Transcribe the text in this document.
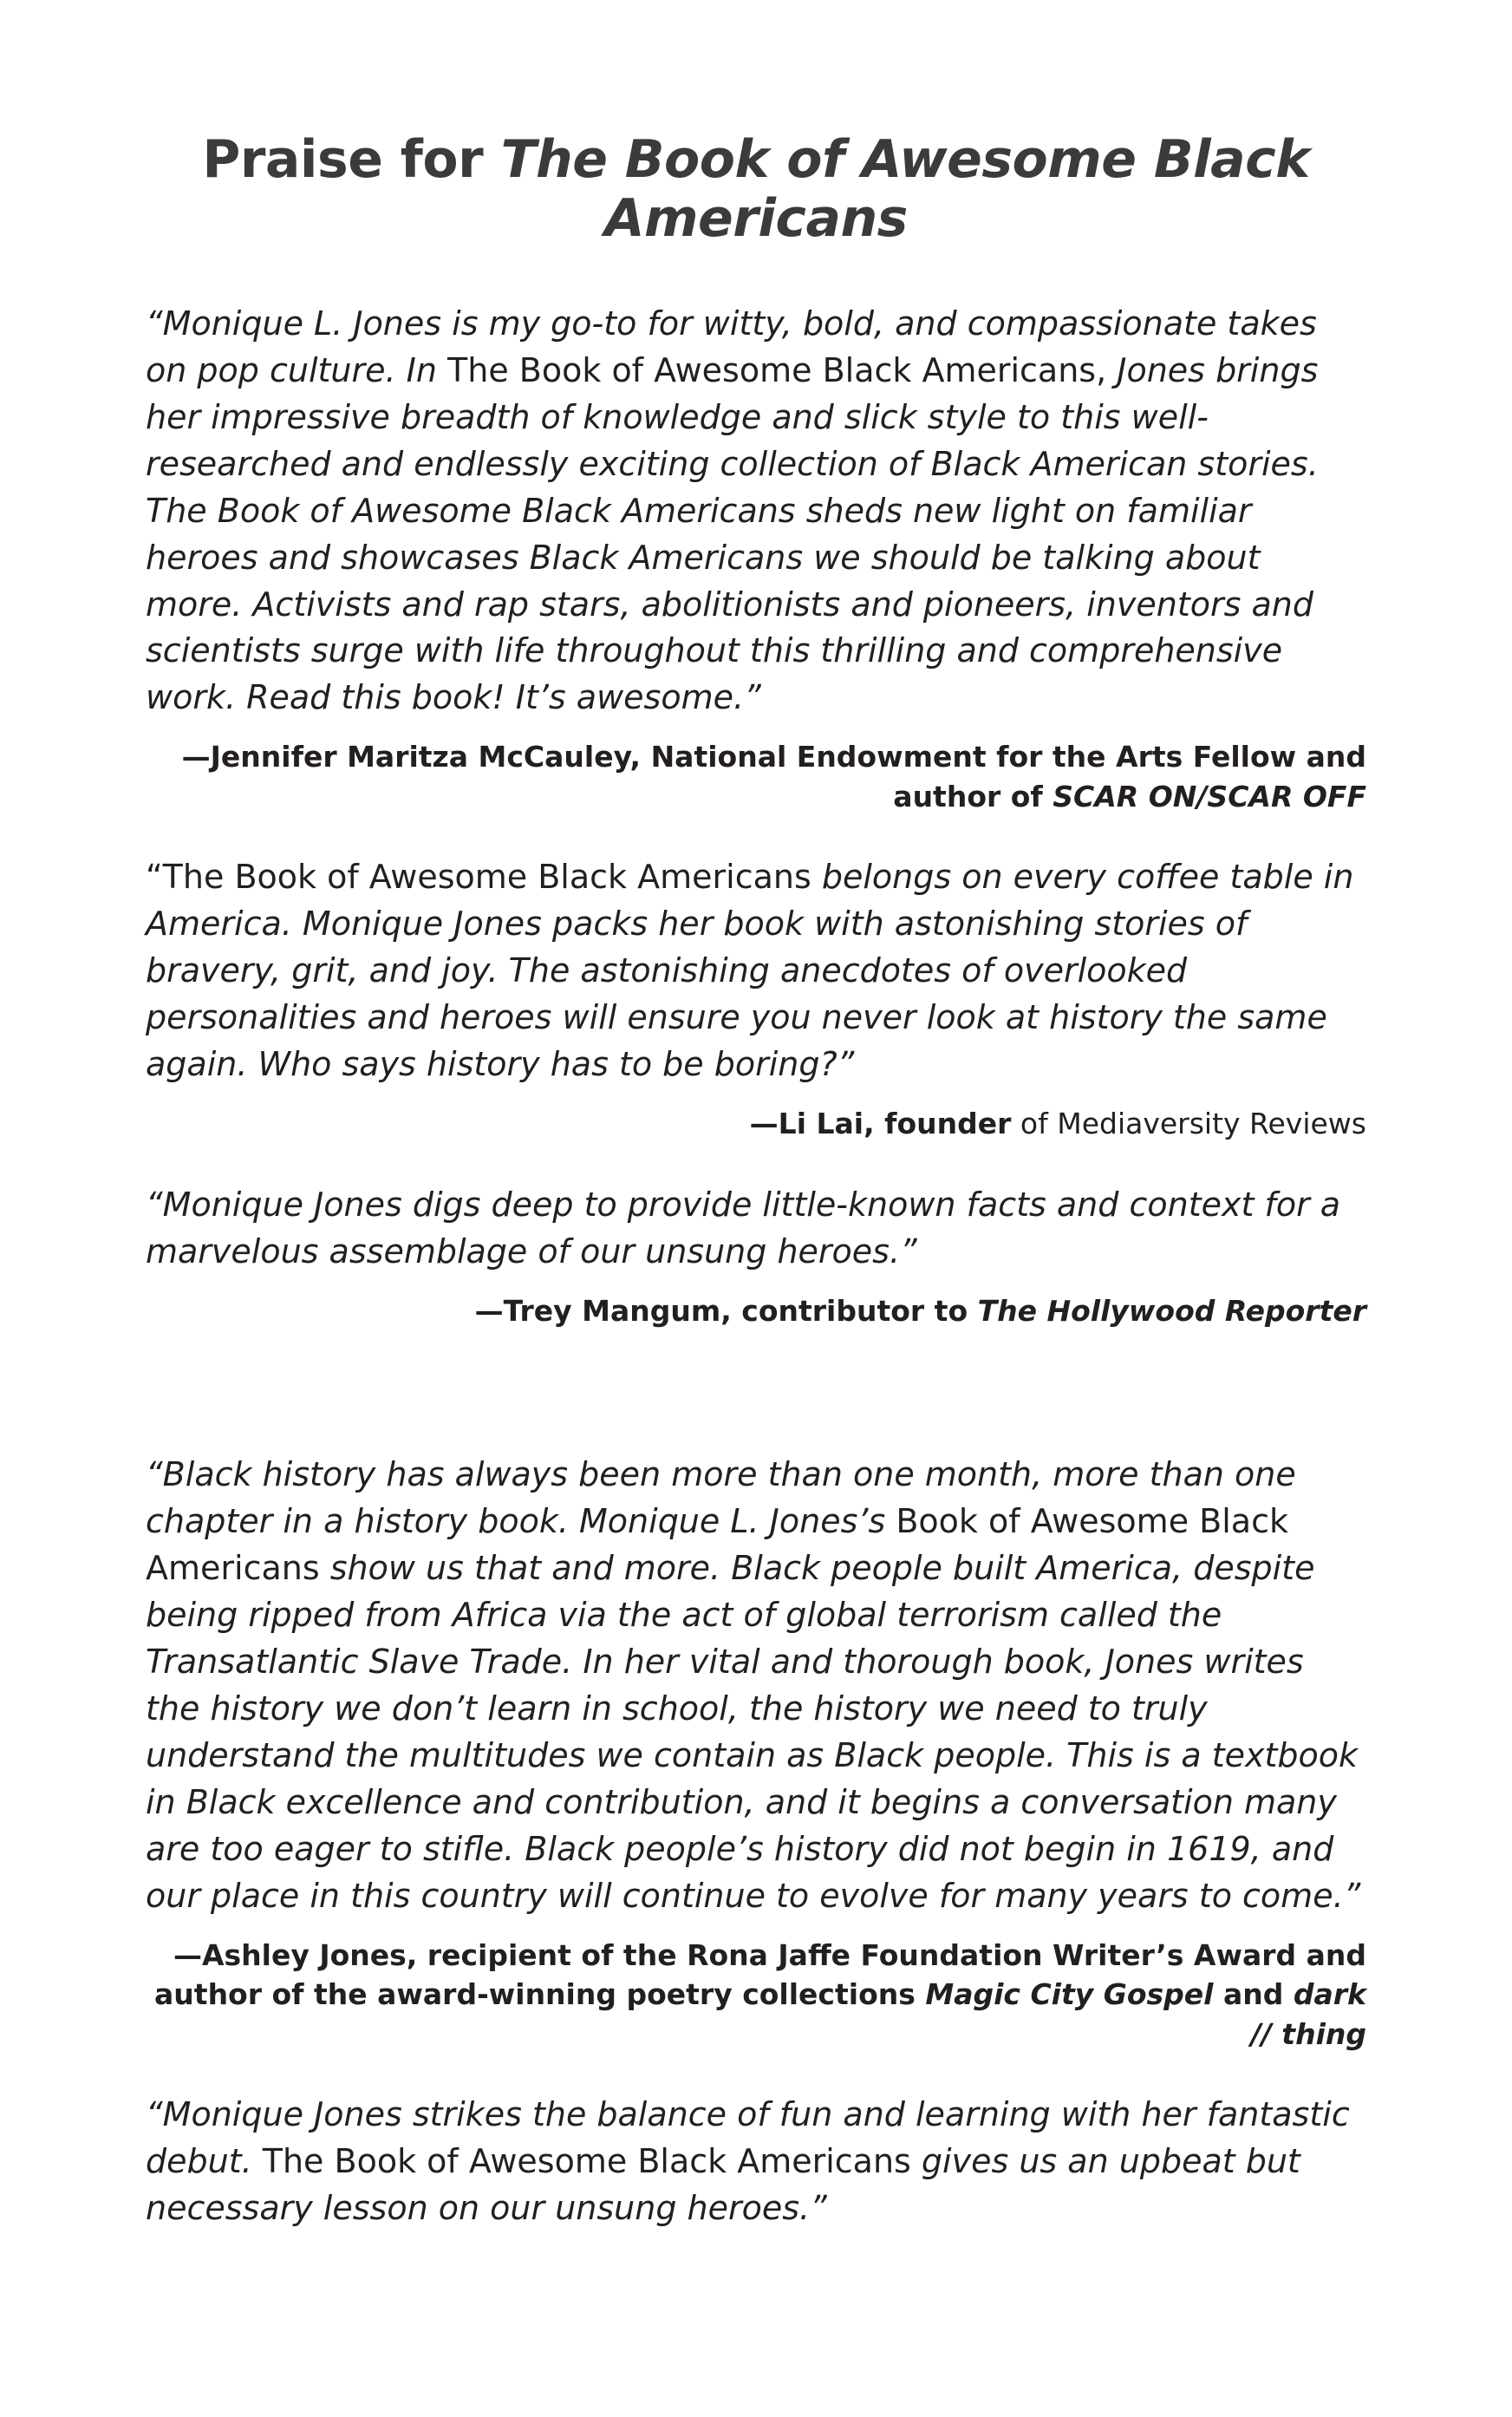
Praise for The Book of Awesome Black Americans

“Monique L. Jones is my go-to for witty, bold, and compassionate takes on pop culture. In The Book of Awesome Black Americans, Jones brings her impressive breadth of knowledge and slick style to this well-researched and endlessly exciting collection of Black American stories. The Book of Awesome Black Americans sheds new light on familiar heroes and showcases Black Americans we should be talking about more. Activists and rap stars, abolitionists and pioneers, inventors and scientists surge with life throughout this thrilling and comprehensive work. Read this book! It’s awesome.”

—Jennifer Maritza McCauley, National Endowment for the Arts Fellow and author of SCAR ON/SCAR OFF

“The Book of Awesome Black Americans belongs on every coffee table in America. Monique Jones packs her book with astonishing stories of bravery, grit, and joy. The astonishing anecdotes of overlooked personalities and heroes will ensure you never look at history the same again. Who says history has to be boring?”

—Li Lai, founder of Mediaversity Reviews

“Monique Jones digs deep to provide little-known facts and context for a marvelous assemblage of our unsung heroes.”

—Trey Mangum, contributor to The Hollywood Reporter

“Black history has always been more than one month, more than one chapter in a history book. Monique L. Jones’s Book of Awesome Black Americans show us that and more. Black people built America, despite being ripped from Africa via the act of global terrorism called the Transatlantic Slave Trade. In her vital and thorough book, Jones writes the history we don’t learn in school, the history we need to truly understand the multitudes we contain as Black people. This is a textbook in Black excellence and contribution, and it begins a conversation many are too eager to stifle. Black people’s history did not begin in 1619, and our place in this country will continue to evolve for many years to come.”

—Ashley Jones, recipient of the Rona Jaffe Foundation Writer’s Award and author of the award-winning poetry collections Magic City Gospel and dark // thing

“Monique Jones strikes the balance of fun and learning with her fantastic debut. The Book of Awesome Black Americans gives us an upbeat but necessary lesson on our unsung heroes.”
